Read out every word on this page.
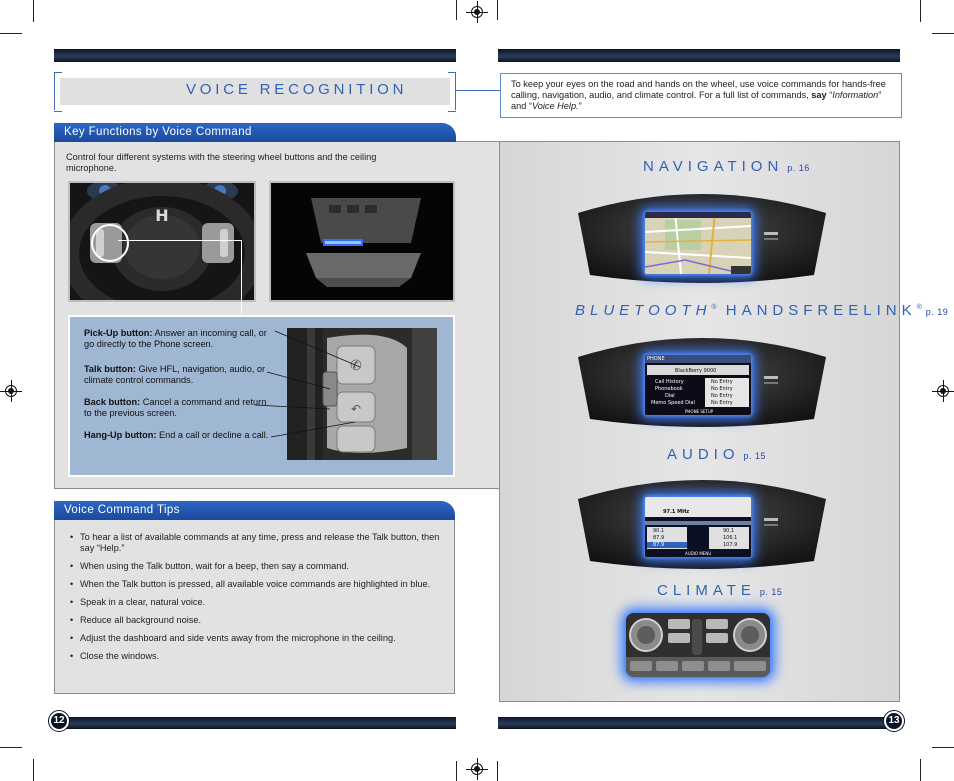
12	13
VOICE RECOGNITION	To keep your eyes on the road and hands on the wheel, use voice commands for hands-free calling, navigation, audio, and climate control. For a full list of commands, say “Information” and “Voice Help.”
Key Functions by Voice Command
Control four different systems with the steering wheel buttons and the ceiling microphone.
H
Pick-Up button: Answer an incoming call, or go directly to the Phone screen.
Talk button: Give HFL, navigation, audio, or climate control commands.
Back button: Cancel a command and return to the previous screen.
Hang-Up button: End a call or decline a call.
✆
↶
Voice Command Tips
• To hear a list of available commands at any time, press and release the Talk button, then say “Help.”
• When using the Talk button, wait for a beep, then say a command.
• When the Talk button is pressed, all available voice commands are highlighted in blue.
• Speak in a clear, natural voice.
• Reduce all background noise.
• Adjust the dashboard and side vents away from the microphone in the ceiling.
• Close the windows.
NAVIGATION p. 16
BLUETOOTH® HANDSFREELINK® p. 19
PHONE
BlackBerry 9000
Call History
Phonebook
Dial
Memo Speed Dial
No Entry
No Entry
No Entry
No Entry
PHONE SETUP
AUDIO p. 15
97.1 MHz
90.1
87.9
87.9
90.1
106.1
107.9
AUDIO MENU
CLIMATE p. 15
